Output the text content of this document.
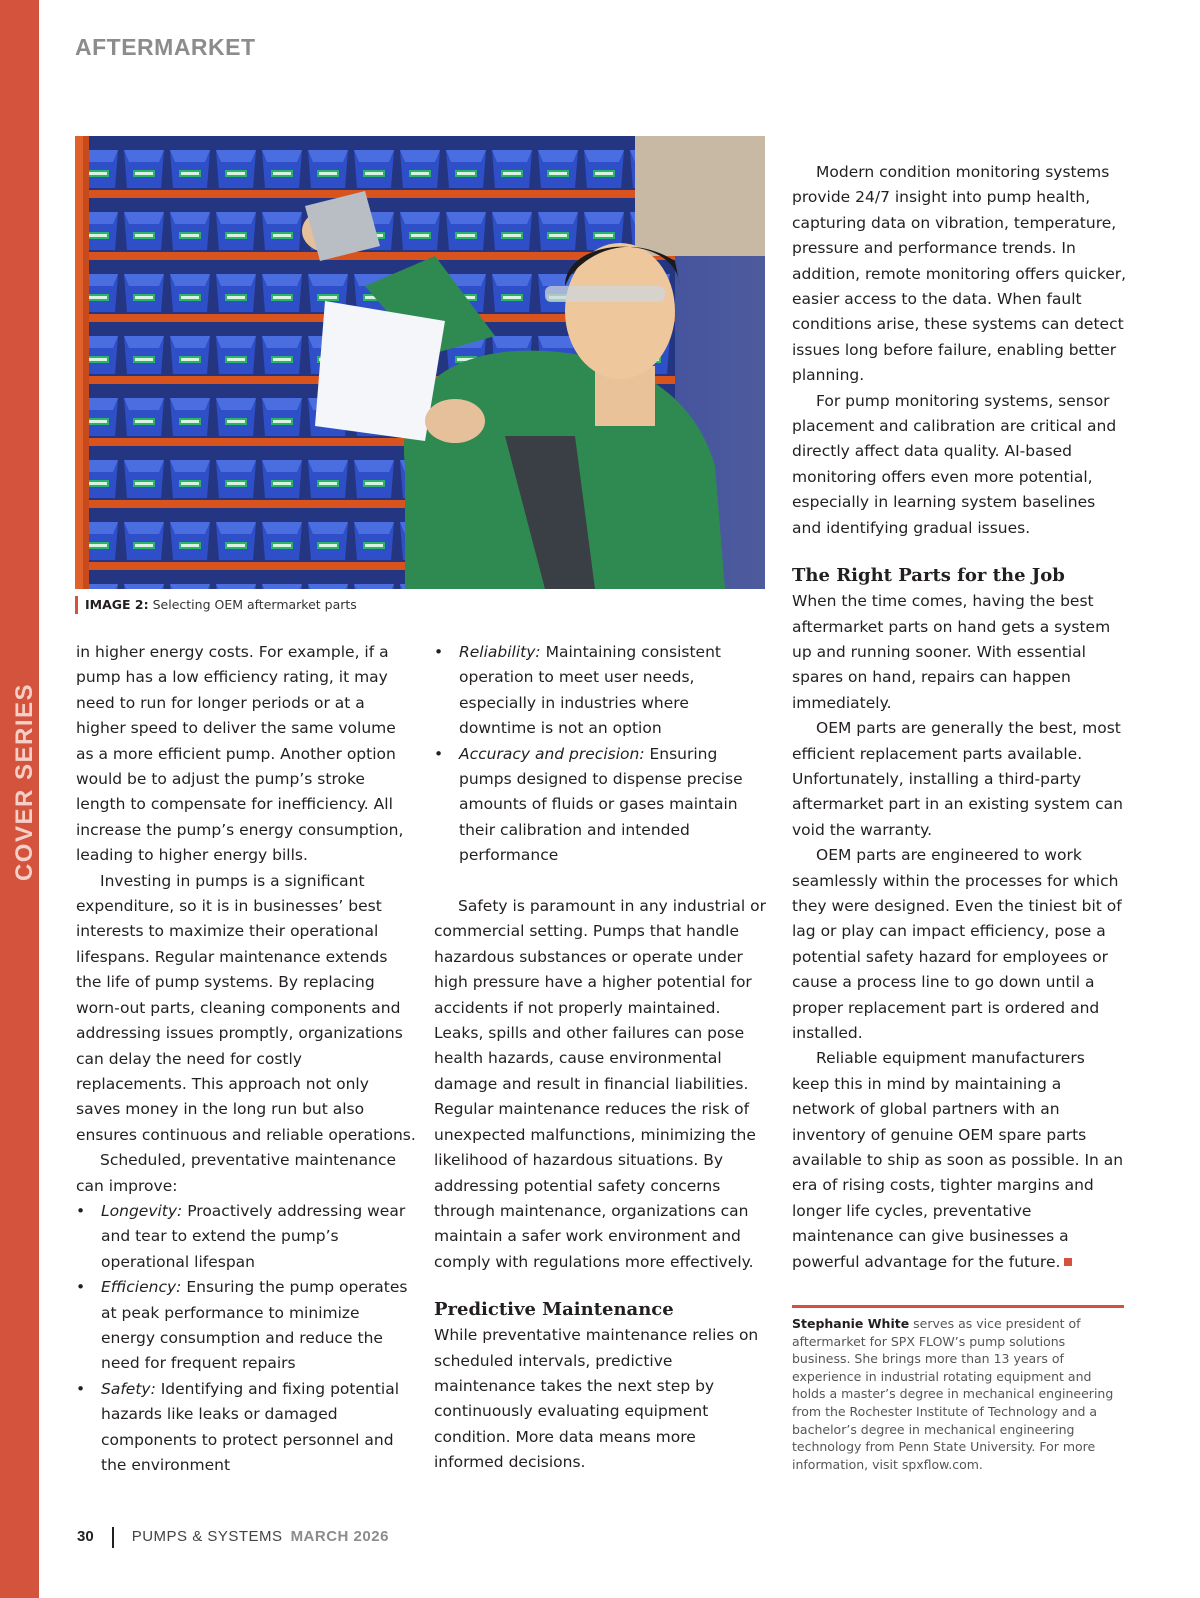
COVER SERIES
AFTERMARKET
IMAGE 2: Selecting OEM aftermarket parts

in higher energy costs. For example, if a pump has a low efficiency rating, it may need to run for longer periods or at a higher speed to deliver the same volume as a more efficient pump. Another option would be to adjust the pump’s stroke length to compensate for inefficiency. All increase the pump’s energy consumption, leading to higher energy bills.

Investing in pumps is a significant expenditure, so it is in businesses’ best interests to maximize their operational lifespans. Regular maintenance extends the life of pump systems. By replacing worn-out parts, cleaning components and addressing issues promptly, organizations can delay the need for costly replacements. This approach not only saves money in the long run but also ensures continuous and reliable operations.

Scheduled, preventative maintenance can improve:

• Longevity: Proactively addressing wear and tear to extend the pump’s operational lifespan
• Efficiency: Ensuring the pump operates at peak performance to minimize energy consumption and reduce the need for frequent repairs
• Safety: Identifying and fixing potential hazards like leaks or damaged components to protect personnel and the environment
• Reliability: Maintaining consistent operation to meet user needs, especially in industries where downtime is not an option
• Accuracy and precision: Ensuring pumps designed to dispense precise amounts of fluids or gases maintain their calibration and intended performance

Safety is paramount in any industrial or commercial setting. Pumps that handle hazardous substances or operate under high pressure have a higher potential for accidents if not properly maintained. Leaks, spills and other failures can pose health hazards, cause environmental damage and result in financial liabilities. Regular maintenance reduces the risk of unexpected malfunctions, minimizing the likelihood of hazardous situations. By addressing potential safety concerns through maintenance, organizations can maintain a safer work environment and comply with regulations more effectively.

Predictive Maintenance

While preventative maintenance relies on scheduled intervals, predictive maintenance takes the next step by continuously evaluating equipment condition. More data means more informed decisions.

Modern condition monitoring systems provide 24/7 insight into pump health, capturing data on vibration, temperature, pressure and performance trends. In addition, remote monitoring offers quicker, easier access to the data. When fault conditions arise, these systems can detect issues long before failure, enabling better planning.

For pump monitoring systems, sensor placement and calibration are critical and directly affect data quality. AI-based monitoring offers even more potential, especially in learning system baselines and identifying gradual issues.

The Right Parts for the Job

When the time comes, having the best aftermarket parts on hand gets a system up and running sooner. With essential spares on hand, repairs can happen immediately.

OEM parts are generally the best, most efficient replacement parts available. Unfortunately, installing a third-party aftermarket part in an existing system can void the warranty.

OEM parts are engineered to work seamlessly within the processes for which they were designed. Even the tiniest bit of lag or play can impact efficiency, pose a potential safety hazard for employees or cause a process line to go down until a proper replacement part is ordered and installed.

Reliable equipment manufacturers keep this in mind by maintaining a network of global partners with an inventory of genuine OEM spare parts available to ship as soon as possible. In an era of rising costs, tighter margins and longer life cycles, preventative maintenance can give businesses a powerful advantage for the future.

Stephanie White serves as vice president of aftermarket for SPX FLOW’s pump solutions business. She brings more than 13 years of experience in industrial rotating equipment and holds a master’s degree in mechanical engineering from the Rochester Institute of Technology and a bachelor’s degree in mechanical engineering technology from Penn State University. For more information, visit spxflow.com.
30	PUMPS & SYSTEMS MARCH 2026
